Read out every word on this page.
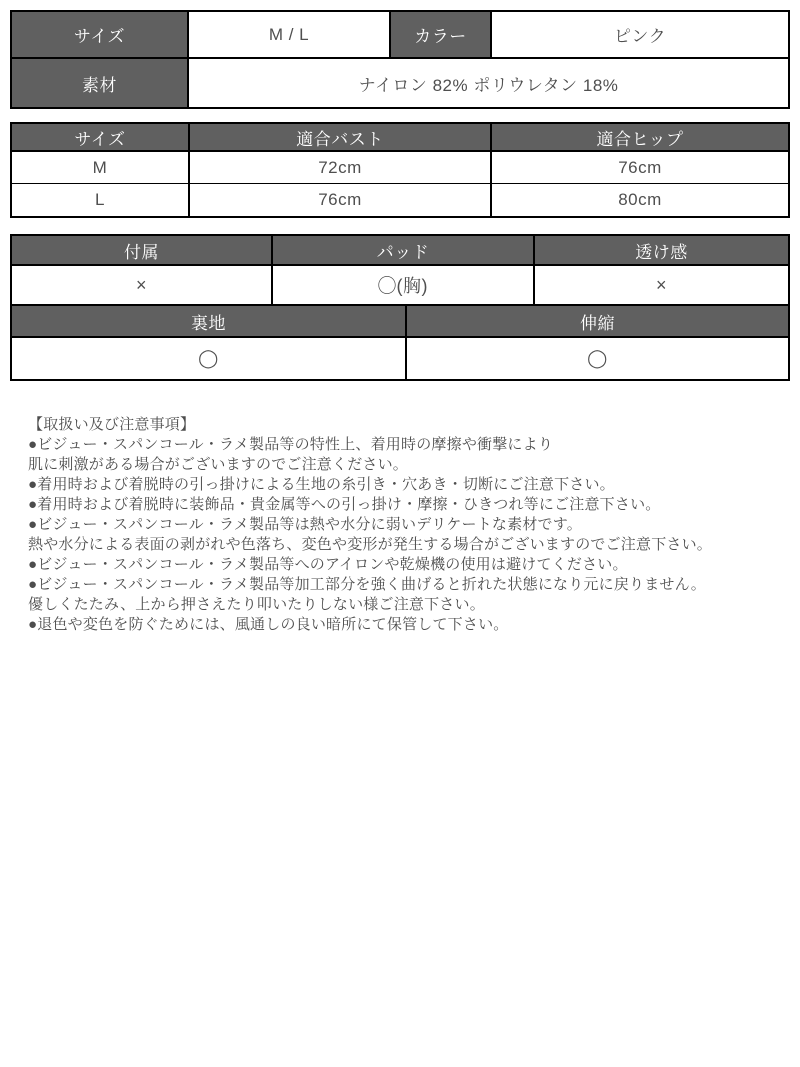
サイズ	M / L	カラー	ピンク
素材	ナイロン 82% ポリウレタン 18%
サイズ	適合バスト	適合ヒップ
M	72cm	76cm
L	76cm	80cm
付属	パッド	透け感
×	◯(胸)	×
裏地	伸縮
◯	◯
【取扱い及び注意事項】
●ビジュー・スパンコール・ラメ製品等の特性上、着用時の摩擦や衝撃により
肌に刺激がある場合がございますのでご注意ください。
●着用時および着脱時の引っ掛けによる生地の糸引き・穴あき・切断にご注意下さい。
●着用時および着脱時に装飾品・貴金属等への引っ掛け・摩擦・ひきつれ等にご注意下さい。
●ビジュー・スパンコール・ラメ製品等は熱や水分に弱いデリケートな素材です。
熱や水分による表面の剥がれや色落ち、変色や変形が発生する場合がございますのでご注意下さい。
●ビジュー・スパンコール・ラメ製品等へのアイロンや乾燥機の使用は避けてください。
●ビジュー・スパンコール・ラメ製品等加工部分を強く曲げると折れた状態になり元に戻りません。
優しくたたみ、上から押さえたり叩いたりしない様ご注意下さい。
●退色や変色を防ぐためには、風通しの良い暗所にて保管して下さい。
